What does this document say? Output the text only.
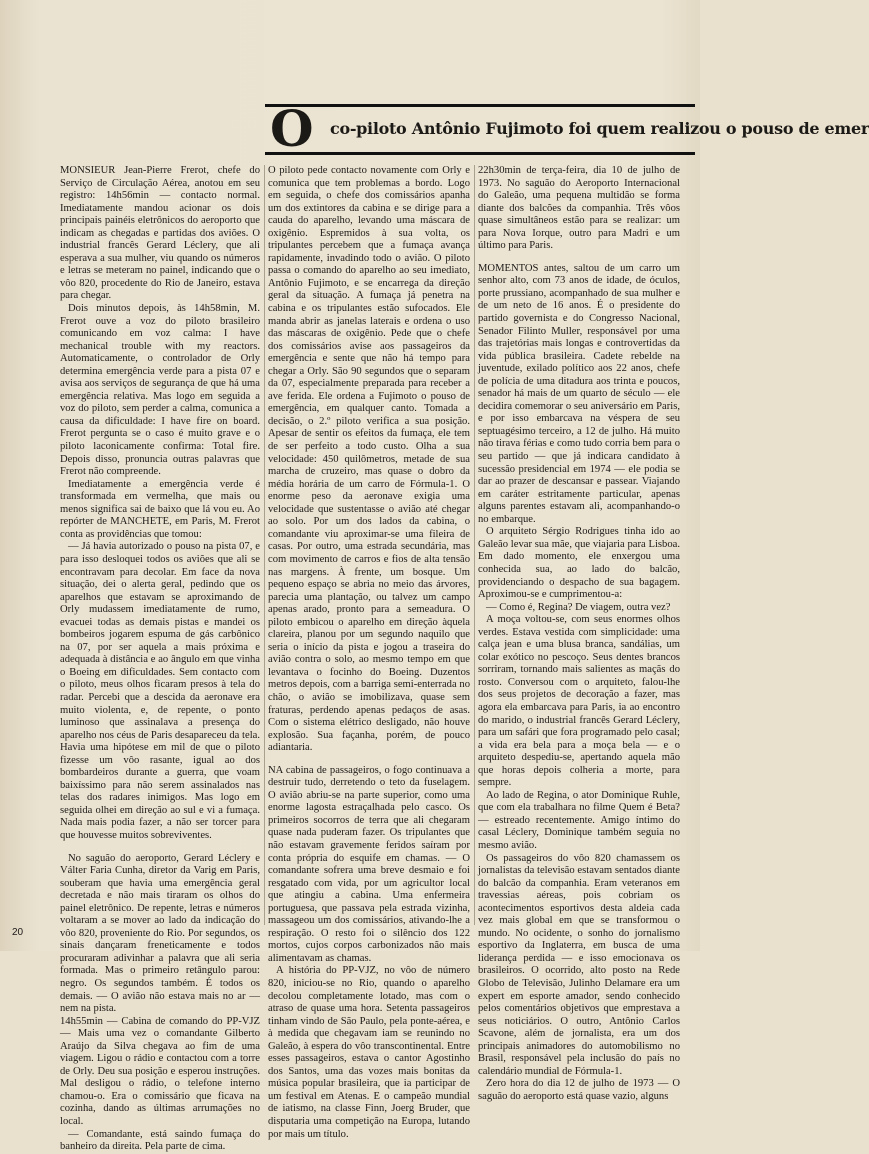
O co-piloto Antônio Fujimoto foi quem realizou o pouso de emer

MONSIEUR Jean-Pierre Frerot, chefe do Serviço de Circulação Aérea, anotou em seu registro: 14h56min — contacto normal. Imediatamente mandou acionar os dois principais painéis eletrônicos do aeroporto que indicam as chegadas e partidas dos aviões. O industrial francês Gerard Léclery, que ali esperava a sua mulher, viu quando os números e letras se meteram no painel, indicando que o vôo 820, procedente do Rio de Janeiro, estava para chegar.

Dois minutos depois, às 14h58min, M. Frerot ouve a voz do piloto brasileiro comunicando em voz calma: I have mechanical trouble with my reactors. Automaticamente, o controlador de Orly determina emergência verde para a pista 07 e avisa aos serviços de segurança de que há uma emergência relativa. Mas logo em seguida a voz do piloto, sem perder a calma, comunica a causa da dificuldade: I have fire on board. Frerot pergunta se o caso é muito grave e o piloto laconicamente confirma: Total fire. Depois disso, pronuncia outras palavras que Frerot não compreende.

Imediatamente a emergência verde é transformada em vermelha, que mais ou menos significa sai de baixo que lá vou eu. Ao repórter de MANCHETE, em Paris, M. Frerot conta as providências que tomou:

— Já havia autorizado o pouso na pista 07, e para isso desloquei todos os aviões que ali se encontravam para decolar. Em face da nova situação, dei o alerta geral, pedindo que os aparelhos que estavam se aproximando de Orly mudassem imediatamente de rumo, evacuei todas as demais pistas e mandei os bombeiros jogarem espuma de gás carbônico na 07, por ser aquela a mais próxima e adequada à distância e ao ângulo em que vinha o Boeing em dificuldades. Sem contacto com o piloto, meus olhos ficaram presos à tela do radar. Percebi que a descida da aeronave era muito violenta, e, de repente, o ponto luminoso que assinalava a presença do aparelho nos céus de Paris desapareceu da tela. Havia uma hipótese em mil de que o piloto fizesse um vôo rasante, igual ao dos bombardeiros durante a guerra, que voam baixíssimo para não serem assinalados nas telas dos radares inimigos. Mas logo em seguida olhei em direção ao sul e vi a fumaça. Nada mais podia fazer, a não ser torcer para que houvesse muitos sobreviventes.

No saguão do aeroporto, Gerard Léclery e Válter Faria Cunha, diretor da Varig em Paris, souberam que havia uma emergência geral decretada e não mais tiraram os olhos do painel eletrônico. De repente, letras e números voltaram a se mover ao lado da indicação do vôo 820, proveniente do Rio. Por segundos, os sinais dançaram freneticamente e todos procuraram adivinhar a palavra que ali seria formada. Mas o primeiro retângulo parou: negro. Os segundos também. É todos os demais. — O avião não estava mais no ar — nem na pista.

14h55min — Cabina de comando do PP-VJZ — Mais uma vez o comandante Gilberto Araújo da Silva chegava ao fim de uma viagem. Ligou o rádio e contactou com a torre de Orly. Deu sua posição e esperou instruções. Mal desligou o rádio, o telefone interno chamou-o. Era o comissário que ficava na cozinha, dando as últimas arrumações no local.

— Comandante, está saindo fumaça do banheiro da direita. Pela parte de cima.

O piloto pede contacto novamente com Orly e comunica que tem problemas a bordo. Logo em seguida, o chefe dos comissários apanha um dos extintores da cabina e se dirige para a cauda do aparelho, levando uma máscara de oxigênio. Espremidos à sua volta, os tripulantes percebem que a fumaça avança rapidamente, invadindo todo o avião. O piloto passa o comando do aparelho ao seu imediato, Antônio Fujimoto, e se encarrega da direção geral da situação. A fumaça já penetra na cabina e os tripulantes estão sufocados. Ele manda abrir as janelas laterais e ordena o uso das máscaras de oxigênio. Pede que o chefe dos comissários avise aos passageiros da emergência e sente que não há tempo para chegar a Orly. São 90 segundos que o separam da 07, especialmente preparada para receber a ave ferida. Ele ordena a Fujimoto o pouso de emergência, em qualquer canto. Tomada a decisão, o 2.º piloto verifica a sua posição. Apesar de sentir os efeitos da fumaça, ele tem de ser perfeito a todo custo. Olha a sua velocidade: 450 quilômetros, metade de sua marcha de cruzeiro, mas quase o dobro da média horária de um carro de Fórmula-1. O enorme peso da aeronave exigia uma velocidade que sustentasse o avião até chegar ao solo. Por um dos lados da cabina, o comandante viu aproximar-se uma fileira de casas. Por outro, uma estrada secundária, mas com movimento de carros e fios de alta tensão nas margens. À frente, um bosque. Um pequeno espaço se abria no meio das árvores, parecia uma plantação, ou talvez um campo apenas arado, pronto para a semeadura. O piloto embicou o aparelho em direção àquela clareira, planou por um segundo naquilo que seria o início da pista e jogou a traseira do avião contra o solo, ao mesmo tempo em que levantava o focinho do Boeing. Duzentos metros depois, com a barriga semi-enterrada no chão, o avião se imobilizava, quase sem fraturas, perdendo apenas pedaços de asas. Com o sistema elétrico desligado, não houve explosão. Sua façanha, porém, de pouco adiantaria.

NA cabina de passageiros, o fogo continuava a destruir tudo, derretendo o teto da fuselagem. O avião abriu-se na parte superior, como uma enorme lagosta estraçalhada pelo casco. Os primeiros socorros de terra que ali chegaram quase nada puderam fazer. Os tripulantes que não estavam gravemente feridos saíram por conta própria do esquife em chamas. — O comandante sofrera uma breve desmaio e foi resgatado com vida, por um agricultor local que atingiu a cabina. Uma enfermeira portuguesa, que passava pela estrada vizinha, massageou um dos comissários, ativando-lhe a respiração. O resto foi o silêncio dos 122 mortos, cujos corpos carbonizados não mais alimentavam as chamas.

A história do PP-VJZ, no vôo de número 820, iniciou-se no Rio, quando o aparelho decolou completamente lotado, mas com o atraso de quase uma hora. Setenta passageiros tinham vindo de São Paulo, pela ponte-aérea, e à medida que chegavam iam se reunindo no Galeão, à espera do vôo transcontinental. Entre esses passageiros, estava o cantor Agostinho dos Santos, uma das vozes mais bonitas da música popular brasileira, que ia participar de um festival em Atenas. E o campeão mundial de iatismo, na classe Finn, Joerg Bruder, que disputaria uma competição na Europa, lutando por mais um título.

22h30min de terça-feira, dia 10 de julho de 1973. No saguão do Aeroporto Internacional do Galeão, uma pequena multidão se forma diante dos balcões da companhia. Três vôos quase simultâneos estão para se realizar: um para Nova Iorque, outro para Madri e um último para Paris.

MOMENTOS antes, saltou de um carro um senhor alto, com 73 anos de idade, de óculos, porte prussiano, acompanhado de sua mulher e de um neto de 16 anos. É o presidente do partido governista e do Congresso Nacional, Senador Filinto Muller, responsável por uma das trajetórias mais longas e controvertidas da vida pública brasileira. Cadete rebelde na juventude, exilado político aos 22 anos, chefe de polícia de uma ditadura aos trinta e poucos, senador há mais de um quarto de século — ele decidira comemorar o seu aniversário em Paris, e por isso embarcava na véspera de seu septuagésimo terceiro, a 12 de julho. Há muito não tirava férias e como tudo corria bem para o seu partido — que já indicara candidato à sucessão presidencial em 1974 — ele podia se dar ao prazer de descansar e passear. Viajando em caráter estritamente particular, apenas alguns parentes estavam ali, acompanhando-o no embarque.

O arquiteto Sérgio Rodrigues tinha ido ao Galeão levar sua mãe, que viajaria para Lisboa. Em dado momento, ele enxergou uma conhecida sua, ao lado do balcão, providenciando o despacho de sua bagagem. Aproximou-se e cumprimentou-a:

— Como é, Regina? De viagem, outra vez?

A moça voltou-se, com seus enormes olhos verdes. Estava vestida com simplicidade: uma calça jean e uma blusa branca, sandálias, um colar exótico no pescoço. Seus dentes brancos sorriram, tornando mais salientes as maçãs do rosto. Conversou com o arquiteto, falou-lhe dos seus projetos de decoração a fazer, mas agora ela embarcava para Paris, ia ao encontro do marido, o industrial francês Gerard Léclery, para um safári que fora programado pelo casal; a vida era bela para a moça bela — e o arquiteto despediu-se, apertando aquela mão que horas depois colheria a morte, para sempre.

Ao lado de Regina, o ator Dominique Ruhle, que com ela trabalhara no filme Quem é Beta? — estreado recentemente. Amigo íntimo do casal Léclery, Dominique também seguia no mesmo avião.

Os passageiros do vôo 820 chamassem os jornalistas da televisão estavam sentados diante do balcão da companhia. Eram veteranos em travessias aéreas, pois cobriam os acontecimentos esportivos desta aldeia cada vez mais global em que se transformou o mundo. No ocidente, o sonho do jornalismo esportivo da Inglaterra, em busca de uma liderança perdida — e isso emocionava os brasileiros. O ocorrido, alto posto na Rede Globo de Televisão, Julinho Delamare era um expert em esporte amador, sendo conhecido pelos comentários objetivos que emprestava a seus noticiários. O outro, Antônio Carlos Scavone, além de jornalista, era um dos principais animadores do automobilismo no Brasil, responsável pela inclusão do país no calendário mundial de Fórmula-1.

Zero hora do dia 12 de julho de 1973 — O saguão do aeroporto está quase vazio, alguns

20
